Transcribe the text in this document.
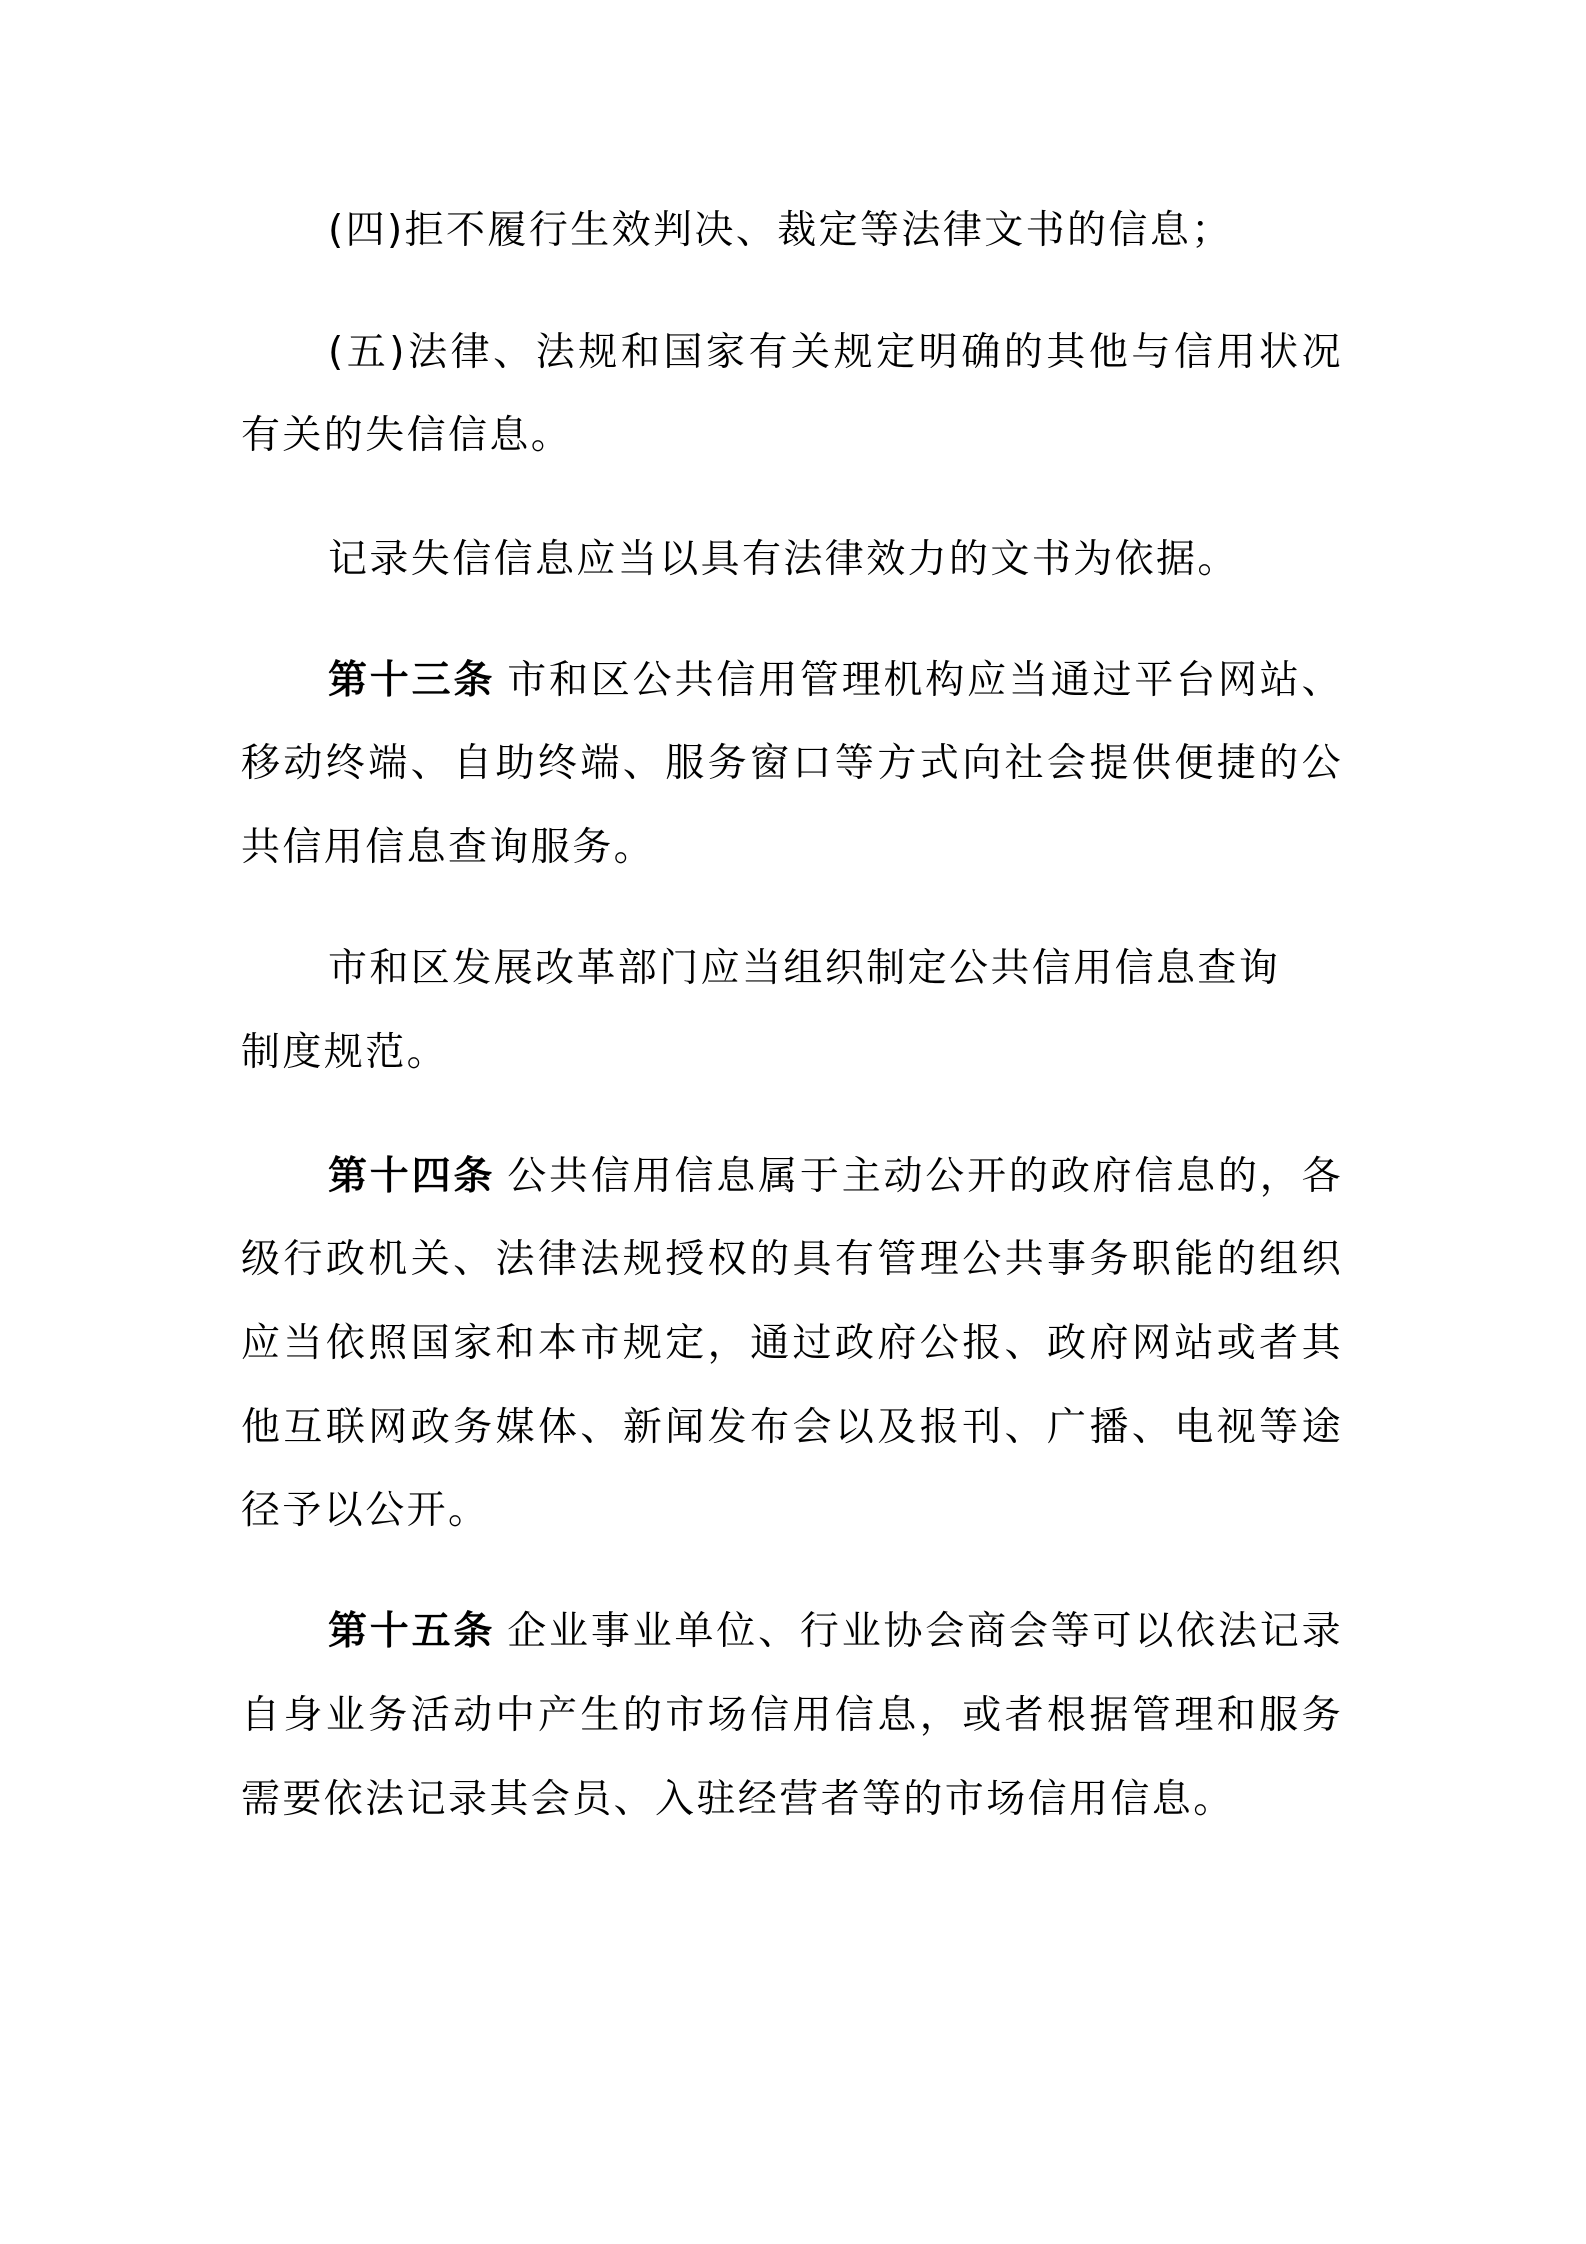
(四)拒不履行生效判决、裁定等法律文书的信息；
(五)法律、法规和国家有关规定明确的其他与信用状况
有关的失信信息。
记录失信信息应当以具有法律效力的文书为依据。
第十三条 市和区公共信用管理机构应当通过平台网站、
移动终端、自助终端、服务窗口等方式向社会提供便捷的公
共信用信息查询服务。
市和区发展改革部门应当组织制定公共信用信息查询
制度规范。
第十四条 公共信用信息属于主动公开的政府信息的，各
级行政机关、法律法规授权的具有管理公共事务职能的组织
应当依照国家和本市规定，通过政府公报、政府网站或者其
他互联网政务媒体、新闻发布会以及报刊、广播、电视等途
径予以公开。
第十五条 企业事业单位、行业协会商会等可以依法记录
自身业务活动中产生的市场信用信息，或者根据管理和服务
需要依法记录其会员、入驻经营者等的市场信用信息。
